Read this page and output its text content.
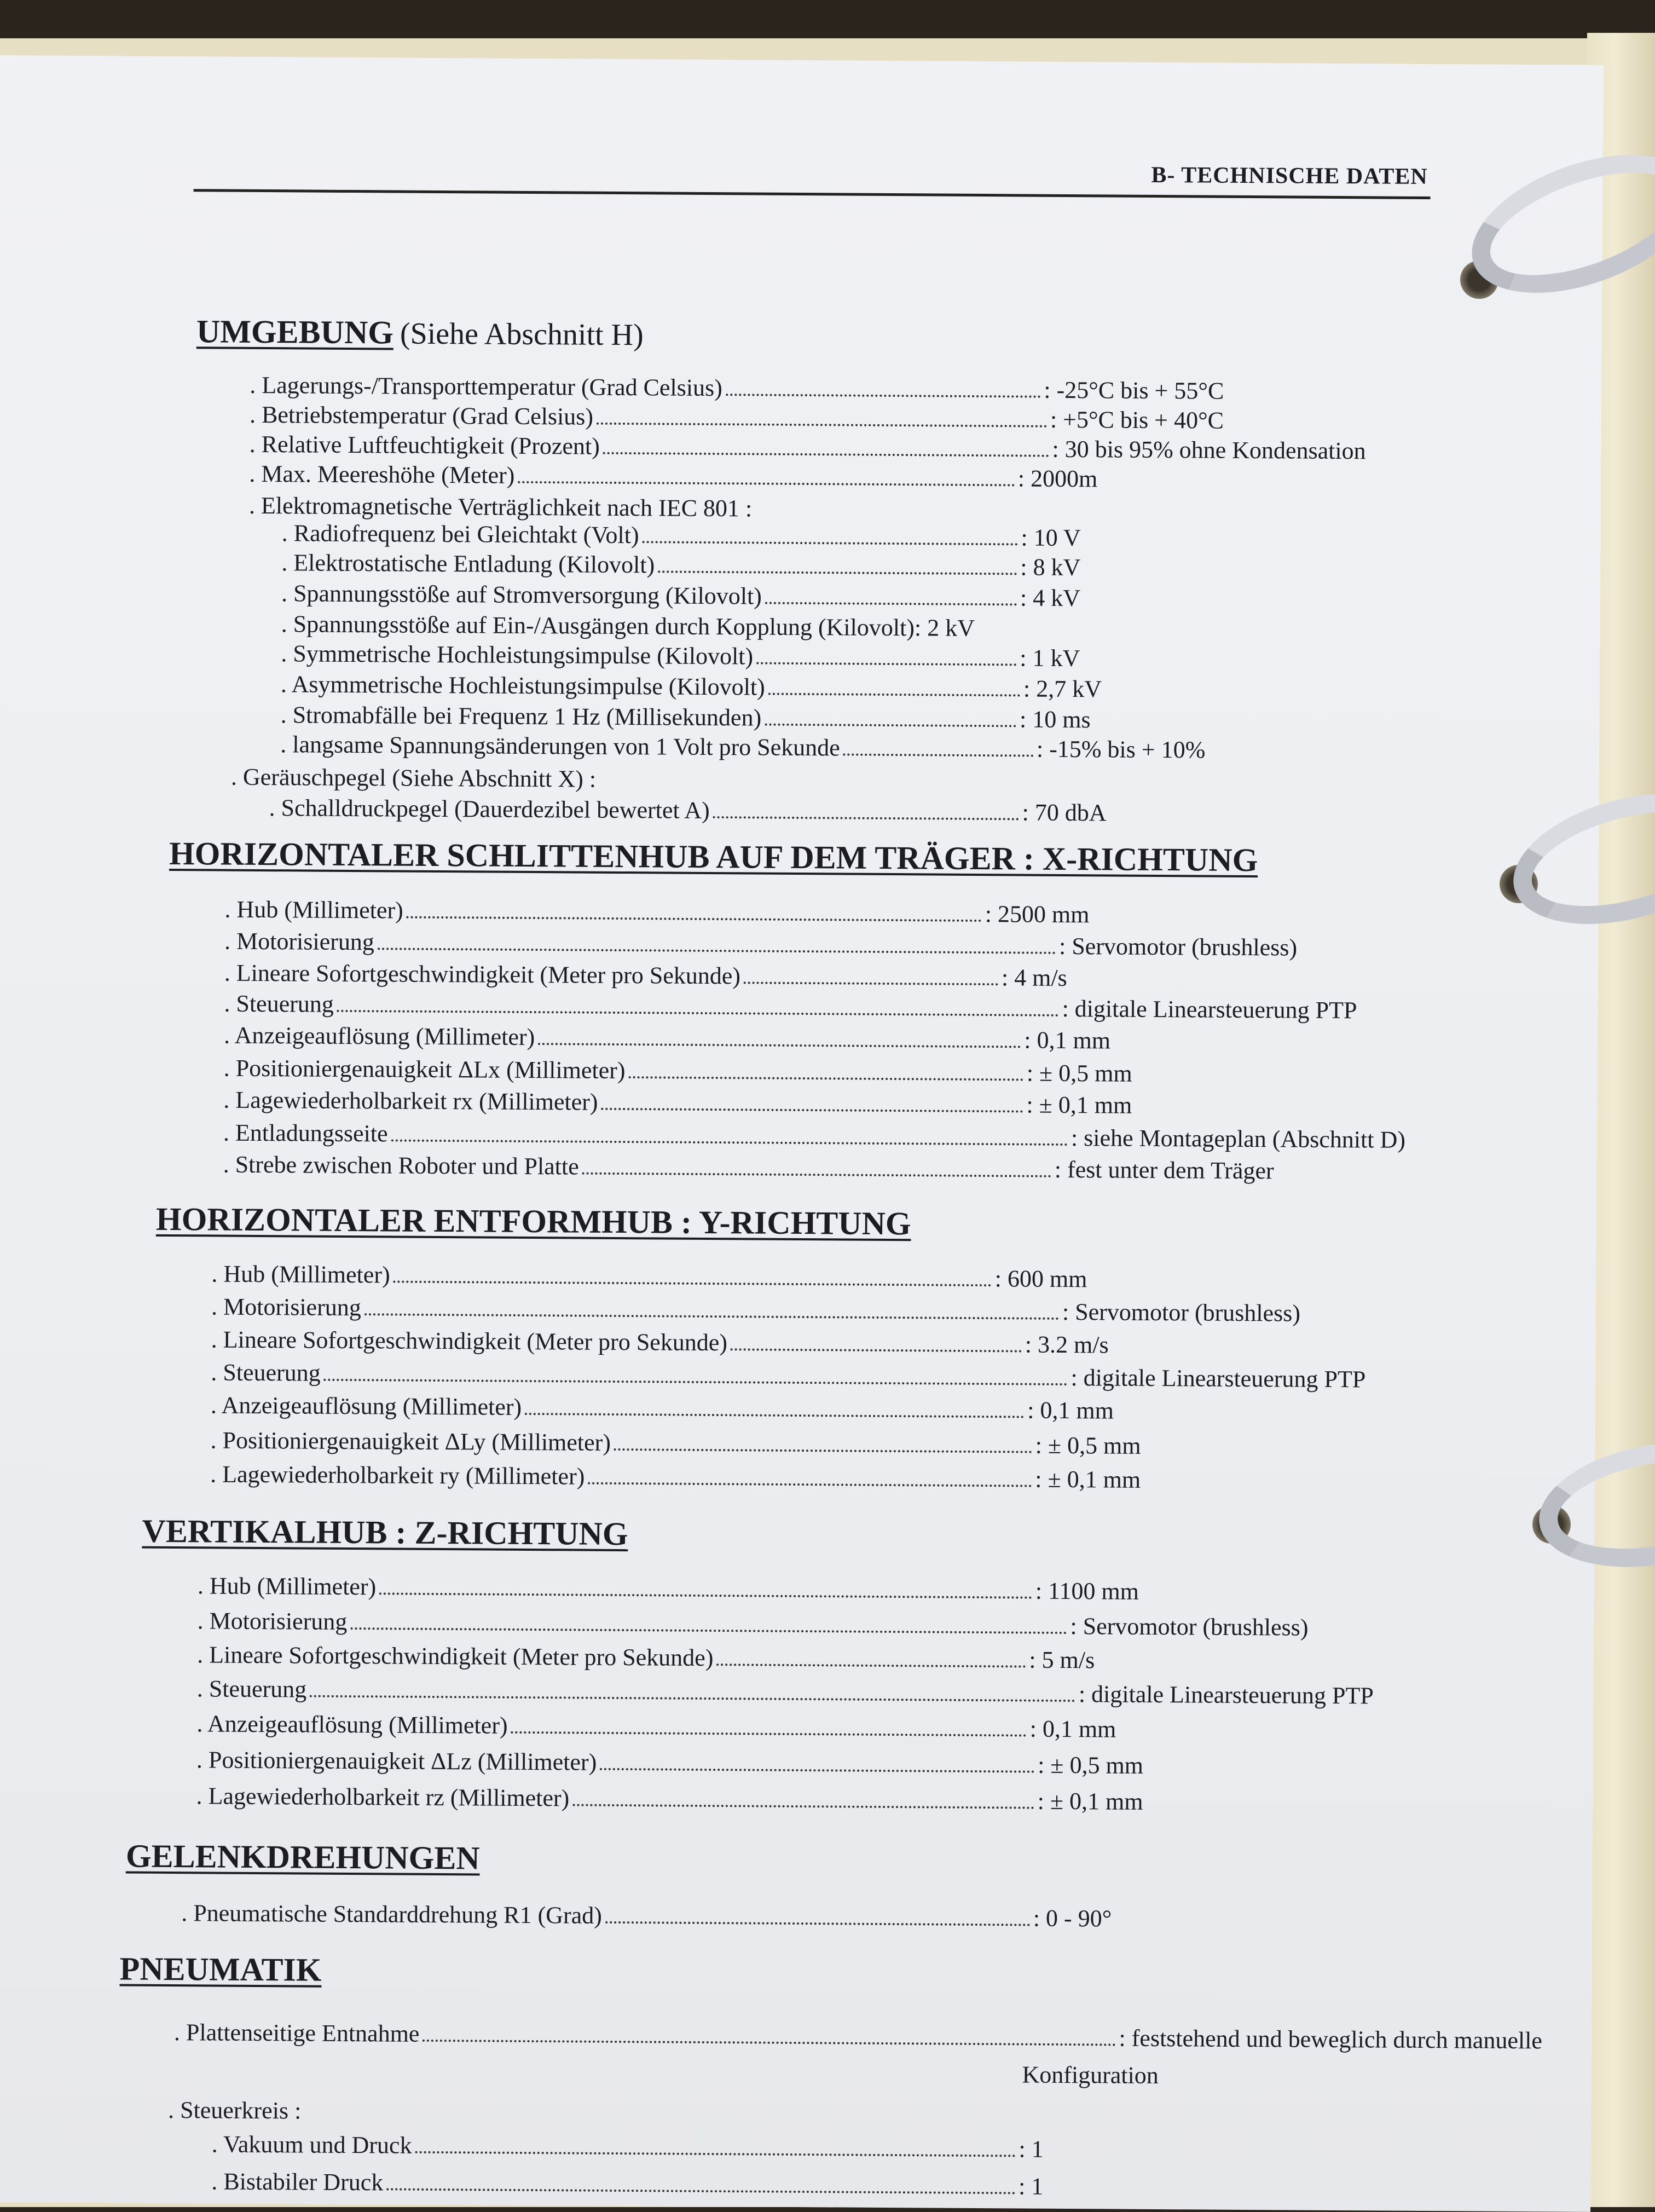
B- TECHNISCHE DATEN
UMGEBUNG (Siehe Abschnitt H)
. Lagerungs-/Transporttemperatur (Grad Celsius)	: -25°C bis + 55°C
. Betriebstemperatur (Grad Celsius)	: +5°C bis + 40°C
. Relative Luftfeuchtigkeit (Prozent)	: 30 bis 95% ohne Kondensation
. Max. Meereshöhe (Meter)	: 2000m
. Elektromagnetische Verträglichkeit nach IEC 801 :
. Radiofrequenz bei Gleichtakt (Volt)	: 10 V
. Elektrostatische Entladung (Kilovolt)	: 8 kV
. Spannungsstöße auf Stromversorgung (Kilovolt)	: 4 kV
. Spannungsstöße auf Ein-/Ausgängen durch Kopplung (Kilovolt) : 2 kV
. Symmetrische Hochleistungsimpulse (Kilovolt)	: 1 kV
. Asymmetrische Hochleistungsimpulse (Kilovolt)	: 2,7 kV
. Stromabfälle bei Frequenz 1 Hz (Millisekunden)	: 10 ms
. langsame Spannungsänderungen von 1 Volt pro Sekunde	: -15% bis + 10%
. Geräuschpegel (Siehe Abschnitt X) :
. Schalldruckpegel (Dauerdezibel bewertet A)	: 70 dbA
HORIZONTALER SCHLITTENHUB AUF DEM TRÄGER : X-RICHTUNG
. Hub (Millimeter)	: 2500 mm
. Motorisierung	: Servomotor (brushless)
. Lineare Sofortgeschwindigkeit (Meter pro Sekunde)	: 4 m/s
. Steuerung	: digitale Linearsteuerung PTP
. Anzeigeauflösung (Millimeter)	: 0,1 mm
. Positioniergenauigkeit ΔLx (Millimeter)	: ± 0,5 mm
. Lagewiederholbarkeit rx (Millimeter)	: ± 0,1 mm
. Entladungsseite	: siehe Montageplan (Abschnitt D)
. Strebe zwischen Roboter und Platte	: fest unter dem Träger
HORIZONTALER ENTFORMHUB : Y-RICHTUNG
. Hub (Millimeter)	: 600 mm
. Motorisierung	: Servomotor (brushless)
. Lineare Sofortgeschwindigkeit (Meter pro Sekunde)	: 3.2 m/s
. Steuerung	: digitale Linearsteuerung PTP
. Anzeigeauflösung (Millimeter)	: 0,1 mm
. Positioniergenauigkeit ΔLy (Millimeter)	: ± 0,5 mm
. Lagewiederholbarkeit ry (Millimeter)	: ± 0,1 mm
VERTIKALHUB : Z-RICHTUNG
. Hub (Millimeter)	: 1100 mm
. Motorisierung	: Servomotor (brushless)
. Lineare Sofortgeschwindigkeit (Meter pro Sekunde)	: 5 m/s
. Steuerung	: digitale Linearsteuerung PTP
. Anzeigeauflösung (Millimeter)	: 0,1 mm
. Positioniergenauigkeit ΔLz (Millimeter)	: ± 0,5 mm
. Lagewiederholbarkeit rz (Millimeter)	: ± 0,1 mm
GELENKDREHUNGEN
. Pneumatische Standarddrehung R1 (Grad)	: 0 - 90°
PNEUMATIK
. Plattenseitige Entnahme	: feststehend und beweglich durch manuelle
Konfiguration
. Steuerkreis :
. Vakuum und Druck	: 1
. Bistabiler Druck	: 1
